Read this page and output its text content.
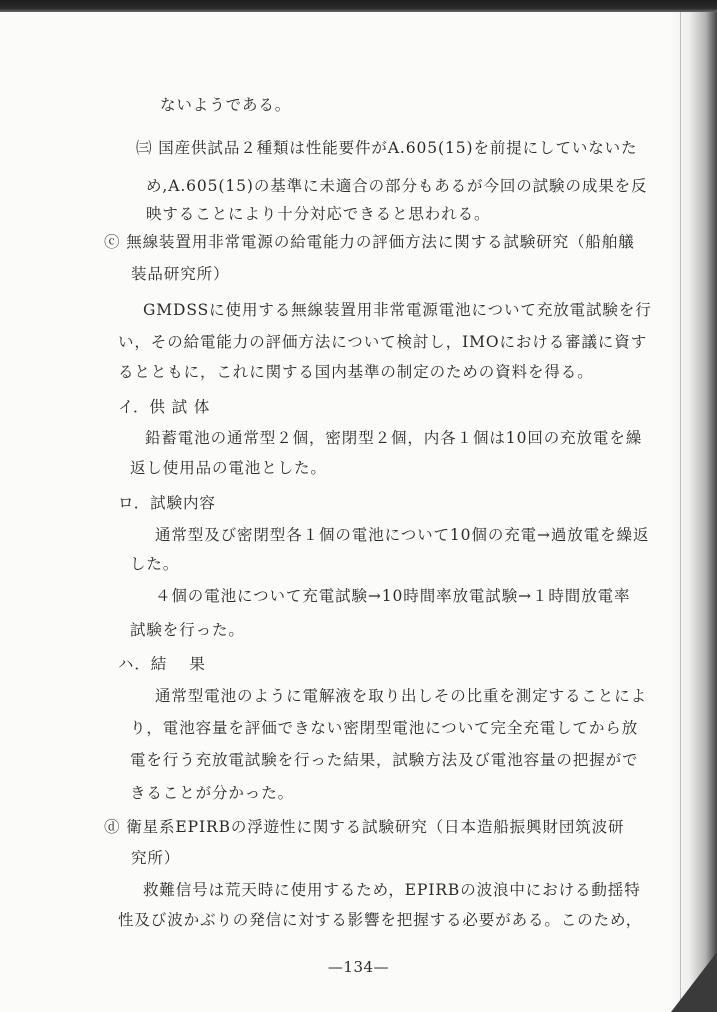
ないようである。
㈢ 国産供試品２種類は性能要件がA.605(15)を前提にしていないた
め,A.605(15)の基準に未適合の部分もあるが今回の試験の成果を反
映することにより十分対応できると思われる。
ⓒ 無線装置用非常電源の給電能力の評価方法に関する試験研究（船舶艤
装品研究所）
GMDSSに使用する無線装置用非常電源電池について充放電試験を行
い，その給電能力の評価方法について検討し，IMOにおける審議に資す
るとともに，これに関する国内基準の制定のための資料を得る。
イ．供 試 体
鉛蓄電池の通常型２個，密閉型２個，内各１個は10回の充放電を繰
返し使用品の電池とした。
ロ．試験内容
通常型及び密閉型各１個の電池について10個の充電→過放電を繰返
した。
４個の電池について充電試験→10時間率放電試験→１時間放電率
試験を行った。
ハ．結　 果
通常型電池のように電解液を取り出しその比重を測定することによ
り，電池容量を評価できない密閉型電池について完全充電してから放
電を行う充放電試験を行った結果，試験方法及び電池容量の把握がで
きることが分かった。
ⓓ 衛星系EPIRBの浮遊性に関する試験研究（日本造船振興財団筑波研
究所）
救難信号は荒天時に使用するため，EPIRBの波浪中における動揺特
性及び波かぶりの発信に対する影響を把握する必要がある。このため，
—134—
